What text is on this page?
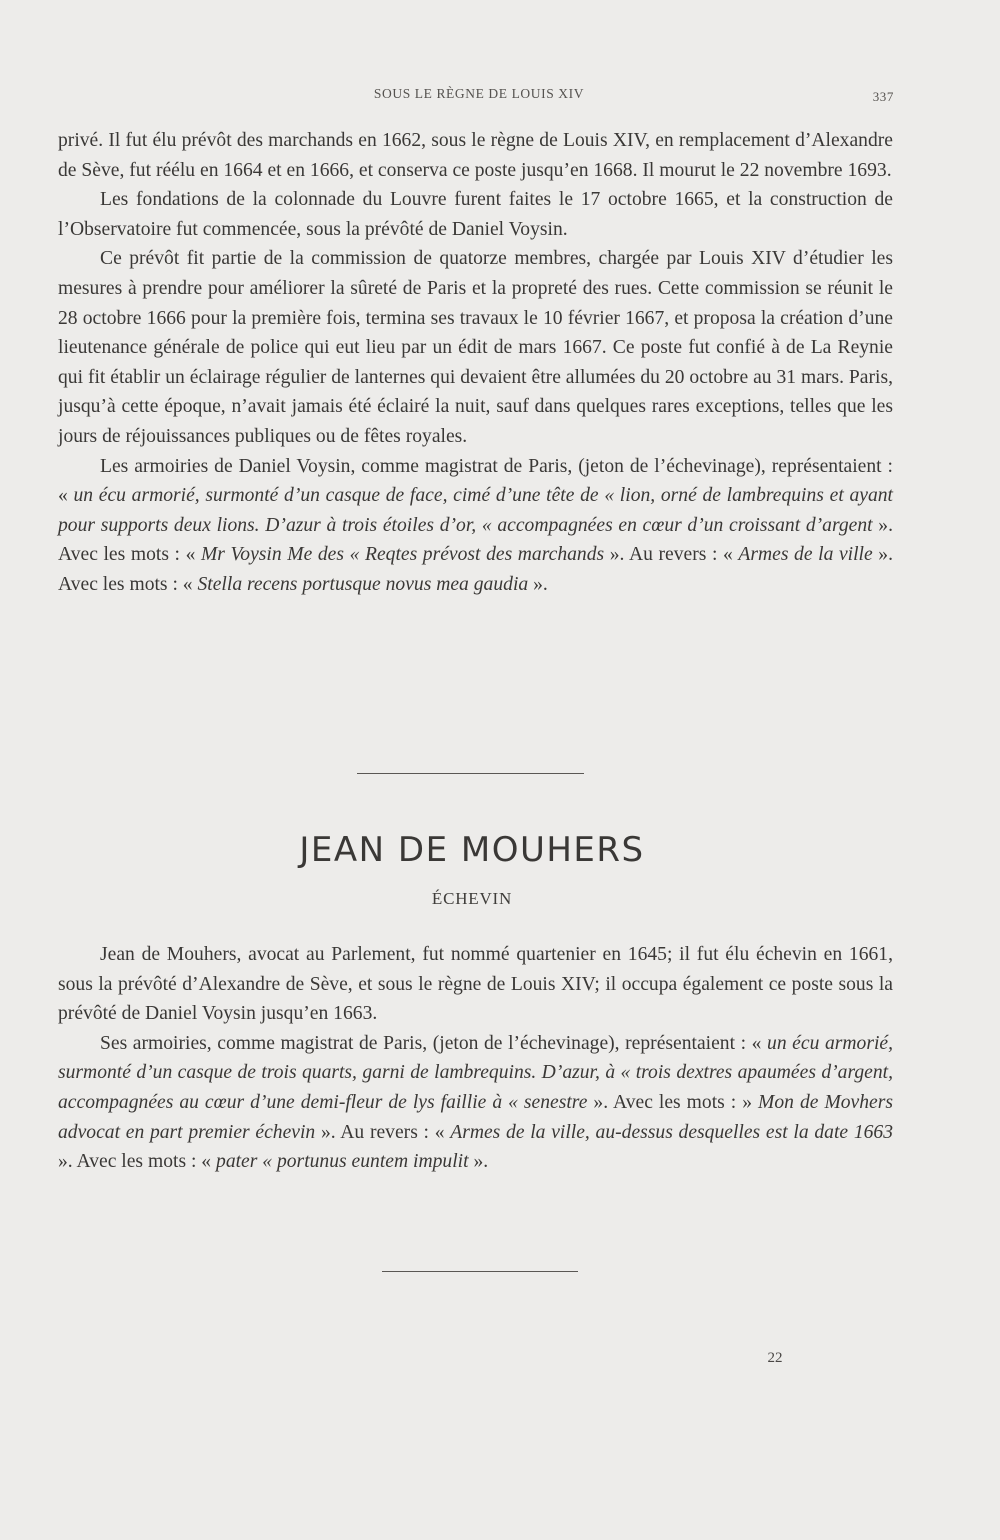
SOUS LE RÈGNE DE LOUIS XIV	337

privé. Il fut élu prévôt des marchands en 1662, sous le règne de Louis XIV, en remplacement d’Alexandre de Sève, fut réélu en 1664 et en 1666, et conserva ce poste jusqu’en 1668. Il mourut le 22 novembre 1693.

Les fondations de la colonnade du Louvre furent faites le 17 octobre 1665, et la construction de l’Observatoire fut commencée, sous la prévôté de Daniel Voysin.

Ce prévôt fit partie de la commission de quatorze membres, chargée par Louis XIV d’étudier les mesures à prendre pour améliorer la sûreté de Paris et la propreté des rues. Cette commission se réunit le 28 octobre 1666 pour la première fois, termina ses travaux le 10 février 1667, et proposa la création d’une lieutenance générale de police qui eut lieu par un édit de mars 1667. Ce poste fut confié à de La Reynie qui fit établir un éclairage régulier de lanternes qui devaient être allumées du 20 octobre au 31 mars. Paris, jusqu’à cette époque, n’avait jamais été éclairé la nuit, sauf dans quelques rares exceptions, telles que les jours de réjouissances publiques ou de fêtes royales.

Les armoiries de Daniel Voysin, comme magistrat de Paris, (jeton de l’échevinage), représentaient : « un écu armorié, surmonté d’un casque de face, cimé d’une tête de « lion, orné de lambrequins et ayant pour supports deux lions. D’azur à trois étoiles d’or, « accompagnées en cœur d’un croissant d’argent ». Avec les mots : « Mr Voysin Me des « Reqtes prévost des marchands ». Au revers : « Armes de la ville ». Avec les mots : « Stella recens portusque novus mea gaudia ».

JEAN DE MOUHERS
ÉCHEVIN

Jean de Mouhers, avocat au Parlement, fut nommé quartenier en 1645; il fut élu échevin en 1661, sous la prévôté d’Alexandre de Sève, et sous le règne de Louis XIV; il occupa également ce poste sous la prévôté de Daniel Voysin jusqu’en 1663.

Ses armoiries, comme magistrat de Paris, (jeton de l’échevinage), représentaient : « un écu armorié, surmonté d’un casque de trois quarts, garni de lambrequins. D’azur, à « trois dextres apaumées d’argent, accompagnées au cœur d’une demi-fleur de lys faillie à « senestre ». Avec les mots : » Mon de Movhers advocat en part premier échevin ». Au revers : « Armes de la ville, au-dessus desquelles est la date 1663 ». Avec les mots : « pater « portunus euntem impulit ».

22
